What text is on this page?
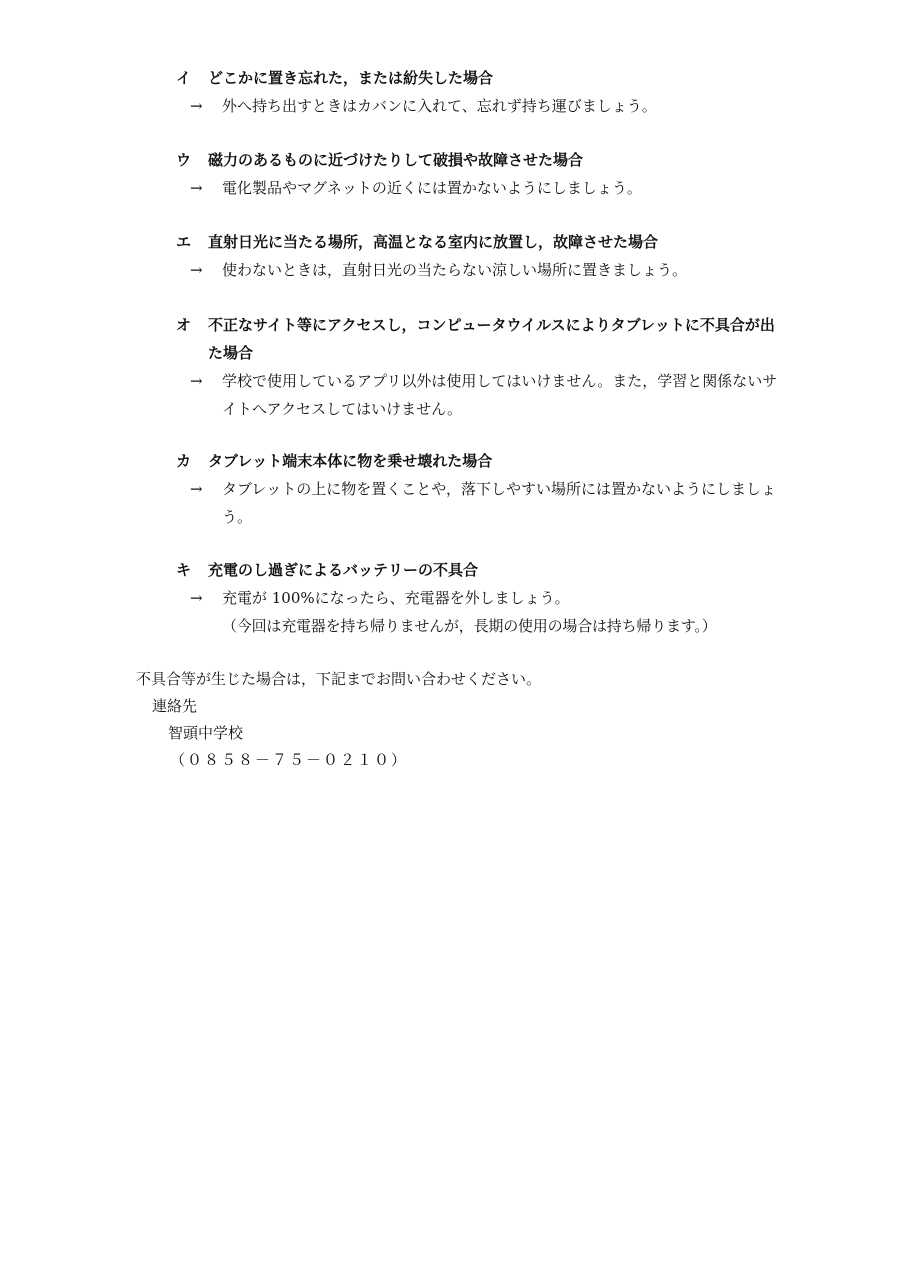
イ	どこかに置き忘れた，または紛失した場合
→	外へ持ち出すときはカバンに入れて、忘れず持ち運びましょう。
ウ	磁力のあるものに近づけたりして破損や故障させた場合
→	電化製品やマグネットの近くには置かないようにしましょう。
エ	直射日光に当たる場所，高温となる室内に放置し，故障させた場合
→	使わないときは，直射日光の当たらない涼しい場所に置きましょう。
オ	不正なサイト等にアクセスし，コンピュータウイルスによりタブレットに不具合が出た場合
→	学校で使用しているアプリ以外は使用してはいけません。また，学習と関係ないサイトへアクセスしてはいけません。
カ	タブレット端末本体に物を乗せ壊れた場合
→	タブレットの上に物を置くことや，落下しやすい場所には置かないようにしましょう。
キ	充電のし過ぎによるバッテリーの不具合
→	充電が 100%になったら、充電器を外しましょう。
（今回は充電器を持ち帰りませんが，長期の使用の場合は持ち帰ります。）
不具合等が生じた場合は，下記までお問い合わせください。
連絡先
智頭中学校
（０８５８－７５－０２１０）
